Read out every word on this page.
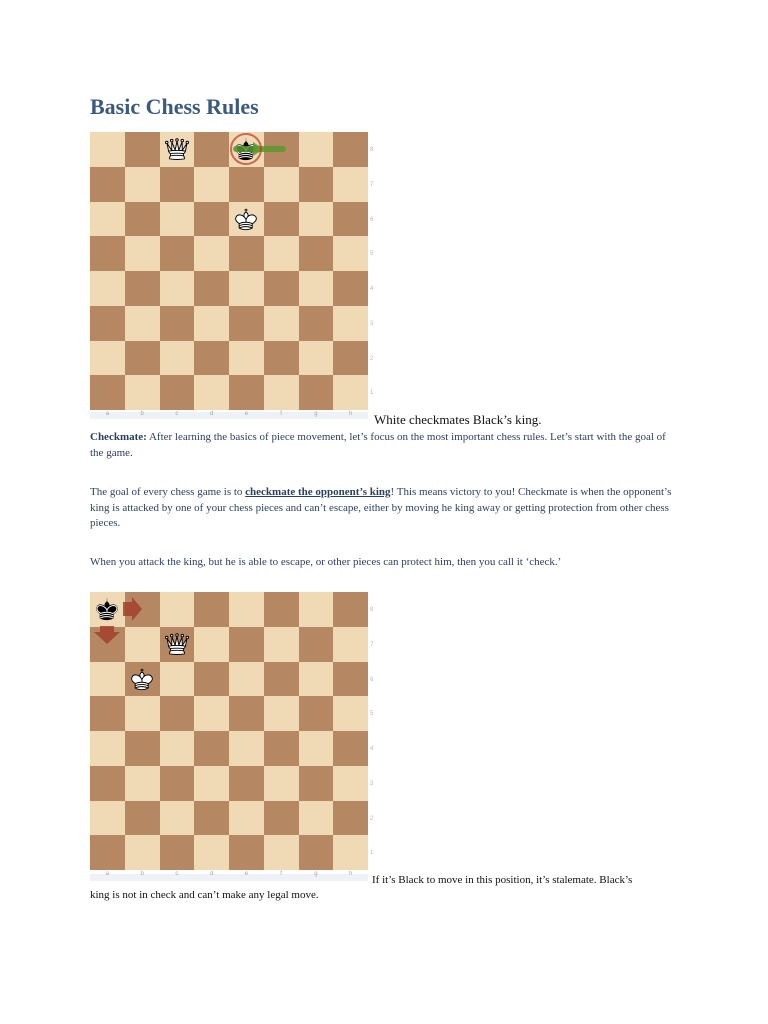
Basic Chess Rules
a	b	c	d	e	f	g	h
8
7
6
5
4
3
2
1
White checkmates Black’s king.

Checkmate: After learning the basics of piece movement, let’s focus on the most important chess rules. Let’s start with the goal of the game.

The goal of every chess game is to checkmate the opponent’s king! This means victory to you! Checkmate is when the opponent’s king is attacked by one of your chess pieces and can’t escape, either by moving he king away or getting protection from other chess pieces.

When you attack the king, but he is able to escape, or other pieces can protect him, then you call it ‘check.’

a	b	c	d	e	f	g	h
8
7
6
5
4
3
2
1
If it’s Black to move in this position, it’s stalemate. Black’s
king is not in check and can’t make any legal move.
